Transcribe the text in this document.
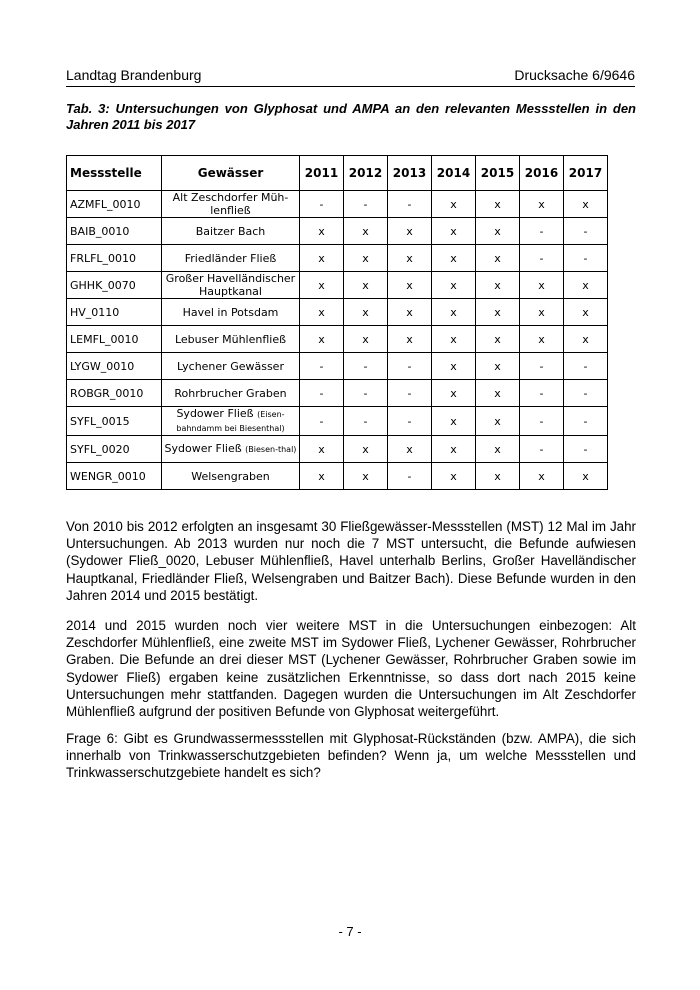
Landtag Brandenburg	Drucksache 6/9646
Tab. 3: Untersuchungen von Glyphosat und AMPA an den relevanten Messstellen in den Jahren 2011 bis 2017
Messstelle	Gewässer	2011	2012	2013	2014	2015	2016	2017
AZMFL_0010	Alt Zeschdorfer Müh-lenfließ	-	-	-	x	x	x	x
BAIB_0010	Baitzer Bach	x	x	x	x	x	-	-
FRLFL_0010	Friedländer Fließ	x	x	x	x	x	-	-
GHHK_0070	Großer Havelländischer Hauptkanal	x	x	x	x	x	x	x
HV_0110	Havel in Potsdam	x	x	x	x	x	x	x
LEMFL_0010	Lebuser Mühlenfließ	x	x	x	x	x	x	x
LYGW_0010	Lychener Gewässer	-	-	-	x	x	-	-
ROBGR_0010	Rohrbrucher Graben	-	-	-	x	x	-	-
SYFL_0015	Sydower Fließ (Eisen-bahndamm bei Biesenthal)	-	-	-	x	x	-	-
SYFL_0020	Sydower Fließ (Biesen-thal)	x	x	x	x	x	-	-
WENGR_0010	Welsengraben	x	x	-	x	x	x	x
Von 2010 bis 2012 erfolgten an insgesamt 30 Fließgewässer-Messstellen (MST) 12 Mal im Jahr Untersuchungen. Ab 2013 wurden nur noch die 7 MST untersucht, die Befunde aufwiesen (Sydower Fließ_0020, Lebuser Mühlenfließ, Havel unterhalb Berlins, Großer Havelländischer Hauptkanal, Friedländer Fließ, Welsengraben und Baitzer Bach). Diese Befunde wurden in den Jahren 2014 und 2015 bestätigt.
2014 und 2015 wurden noch vier weitere MST in die Untersuchungen einbezogen: Alt Zeschdorfer Mühlenfließ, eine zweite MST im Sydower Fließ, Lychener Gewässer, Rohrbrucher Graben. Die Befunde an drei dieser MST (Lychener Gewässer, Rohrbrucher Graben sowie im Sydower Fließ) ergaben keine zusätzlichen Erkenntnisse, so dass dort nach 2015 keine Untersuchungen mehr stattfanden. Dagegen wurden die Untersuchungen im Alt Zeschdorfer Mühlenfließ aufgrund der positiven Befunde von Glyphosat weitergeführt.
Frage 6: Gibt es Grundwassermessstellen mit Glyphosat-Rückständen (bzw. AMPA), die sich innerhalb von Trinkwasserschutzgebieten befinden? Wenn ja, um welche Messstellen und Trinkwasserschutzgebiete handelt es sich?
- 7 -
